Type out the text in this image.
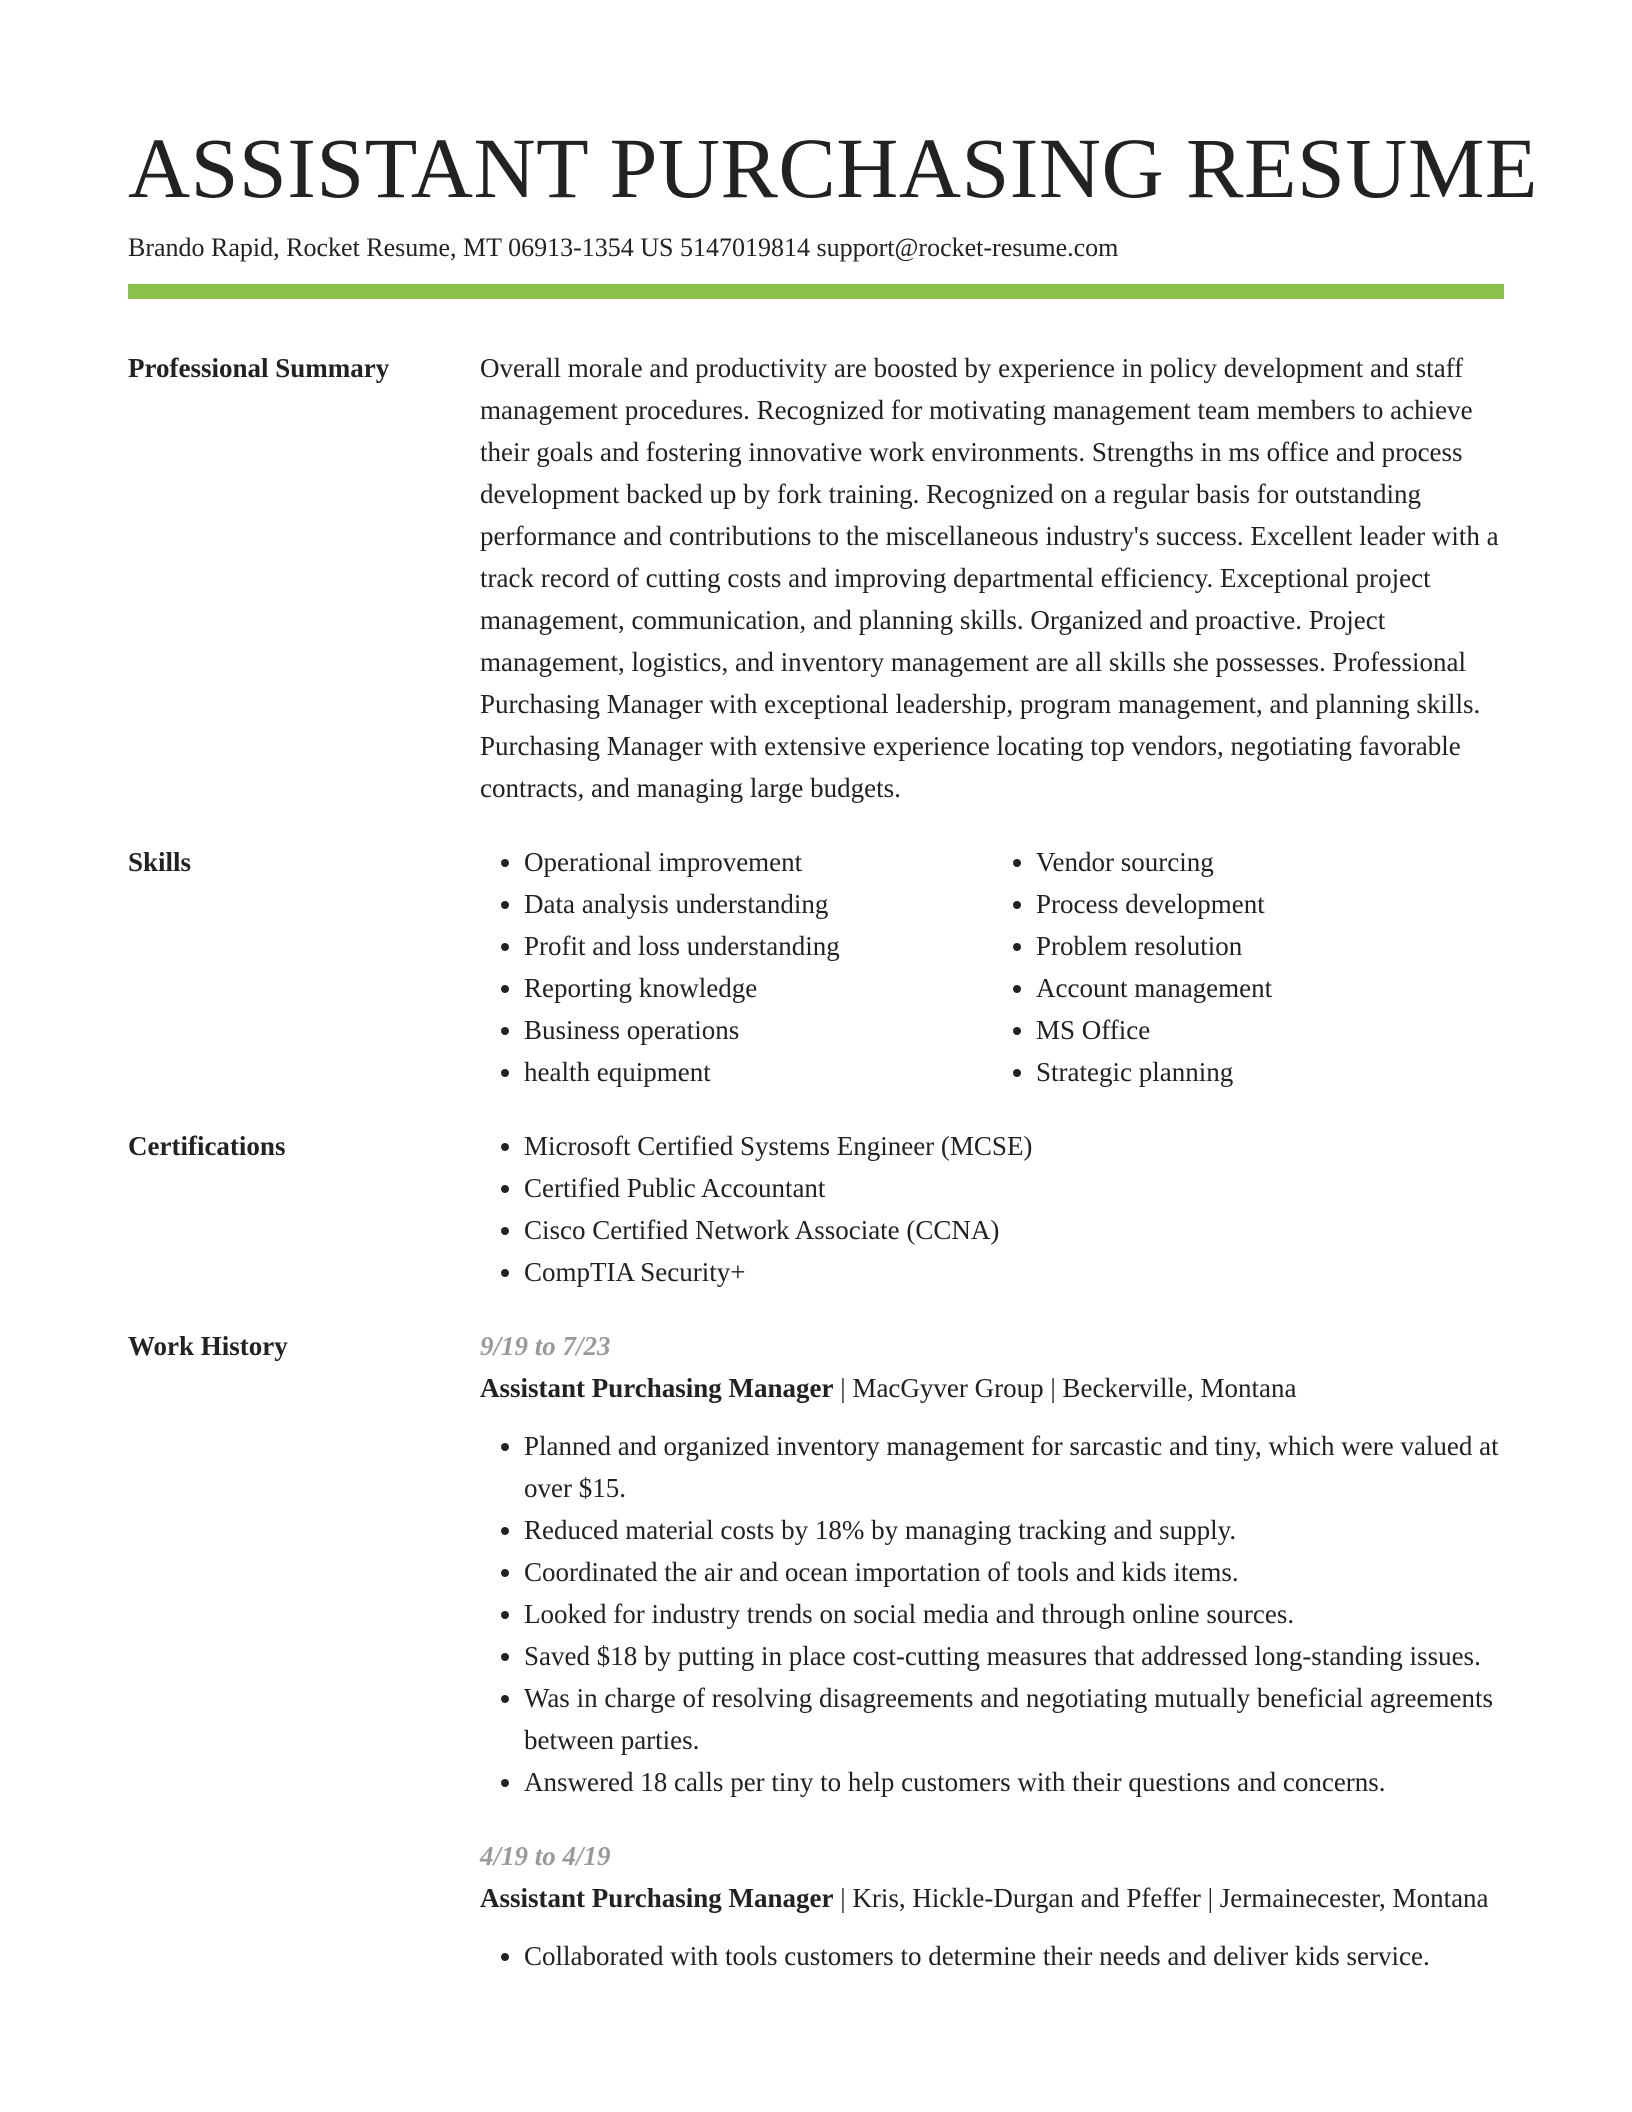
ASSISTANT PURCHASING RESUME
Brando Rapid, Rocket Resume, MT 06913-1354 US 5147019814 support@rocket-resume.com
Professional Summary	Overall morale and productivity are boosted by experience in policy development and staff management procedures. Recognized for motivating management team members to achieve their goals and fostering innovative work environments. Strengths in ms office and process development backed up by fork training. Recognized on a regular basis for outstanding performance and contributions to the miscellaneous industry's success. Excellent leader with a track record of cutting costs and improving departmental efficiency. Exceptional project management, communication, and planning skills. Organized and proactive. Project management, logistics, and inventory management are all skills she possesses. Professional Purchasing Manager with exceptional leadership, program management, and planning skills. Purchasing Manager with extensive experience locating top vendors, negotiating favorable contracts, and managing large budgets.
Skills	• Operational improvement
• Data analysis understanding
• Profit and loss understanding
• Reporting knowledge
• Business operations
• health equipment
• Vendor sourcing
• Process development
• Problem resolution
• Account management
• MS Office
• Strategic planning
Certifications	• Microsoft Certified Systems Engineer (MCSE)
• Certified Public Accountant
• Cisco Certified Network Associate (CCNA)
• CompTIA Security+
Work History	9/19 to 7/23
Assistant Purchasing Manager | MacGyver Group | Beckerville, Montana
• Planned and organized inventory management for sarcastic and tiny, which were valued at over $15.
• Reduced material costs by 18% by managing tracking and supply.
• Coordinated the air and ocean importation of tools and kids items.
• Looked for industry trends on social media and through online sources.
• Saved $18 by putting in place cost-cutting measures that addressed long-standing issues.
• Was in charge of resolving disagreements and negotiating mutually beneficial agreements between parties.
• Answered 18 calls per tiny to help customers with their questions and concerns.
4/19 to 4/19
Assistant Purchasing Manager | Kris, Hickle-Durgan and Pfeffer | Jermainecester, Montana
• Collaborated with tools customers to determine their needs and deliver kids service.
